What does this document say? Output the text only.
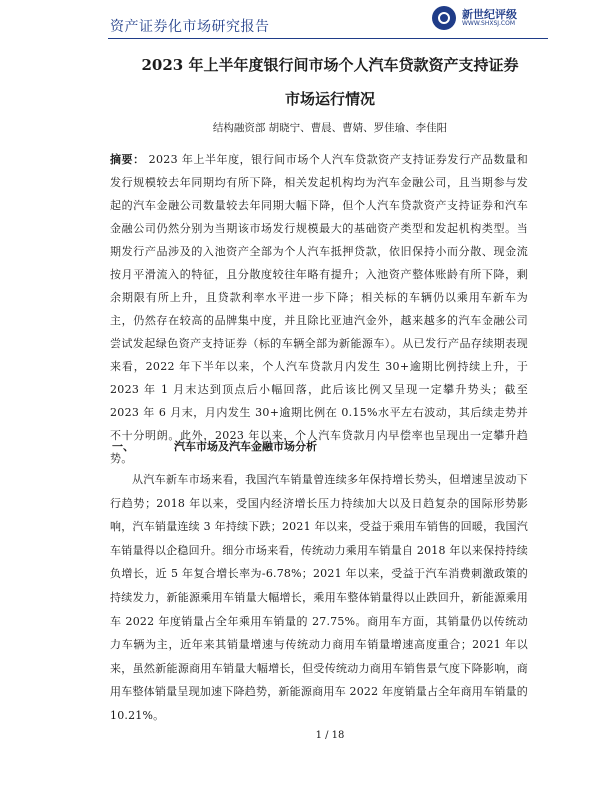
资产证券化市场研究报告
新世纪评级
WWW.SHXSJ.COM
2023 年上半年度银行间市场个人汽车贷款资产支持证券
市场运行情况
结构融资部 胡晓宁、曹晨、曹婧、罗佳瑜、李佳阳
摘要： 2023 年上半年度，银行间市场个人汽车贷款资产支持证券发行产品数量和发行规模较去年同期均有所下降，相关发起机构均为汽车金融公司，且当期参与发起的汽车金融公司数量较去年同期大幅下降，但个人汽车贷款资产支持证券和汽车金融公司仍然分别为当期该市场发行规模最大的基础资产类型和发起机构类型。当期发行产品涉及的入池资产全部为个人汽车抵押贷款，依旧保持小而分散、现金流按月平滑流入的特征，且分散度较往年略有提升；入池资产整体账龄有所下降，剩余期限有所上升，且贷款利率水平进一步下降；相关标的车辆仍以乘用车新车为主，仍然存在较高的品牌集中度，并且除比亚迪汽金外，越来越多的汽车金融公司尝试发起绿色资产支持证券（标的车辆全部为新能源车）。从已发行产品存续期表现来看，2022 年下半年以来，个人汽车贷款月内发生 30+逾期比例持续上升，于 2023 年 1 月末达到顶点后小幅回落，此后该比例又呈现一定攀升势头；截至 2023 年 6 月末，月内发生 30+逾期比例在 0.15%水平左右波动，其后续走势并不十分明朗。此外，2023 年以来，个人汽车贷款月内早偿率也呈现出一定攀升趋势。
一、	汽车市场及汽车金融市场分析
从汽车新车市场来看，我国汽车销量曾连续多年保持增长势头，但增速呈波动下行趋势；2018 年以来，受国内经济增长压力持续加大以及日趋复杂的国际形势影响，汽车销量连续 3 年持续下跌；2021 年以来，受益于乘用车销售的回暖，我国汽车销量得以企稳回升。细分市场来看，传统动力乘用车销量自 2018 年以来保持持续负增长，近 5 年复合增长率为-6.78%；2021 年以来，受益于汽车消费刺激政策的持续发力，新能源乘用车销量大幅增长，乘用车整体销量得以止跌回升，新能源乘用车 2022 年度销量占全年乘用车销量的 27.75%。商用车方面，其销量仍以传统动力车辆为主，近年来其销量增速与传统动力商用车销量增速高度重合；2021 年以来，虽然新能源商用车销量大幅增长，但受传统动力商用车销售景气度下降影响，商用车整体销量呈现加速下降趋势，新能源商用车 2022 年度销量占全年商用车销量的 10.21%。
1 / 18
